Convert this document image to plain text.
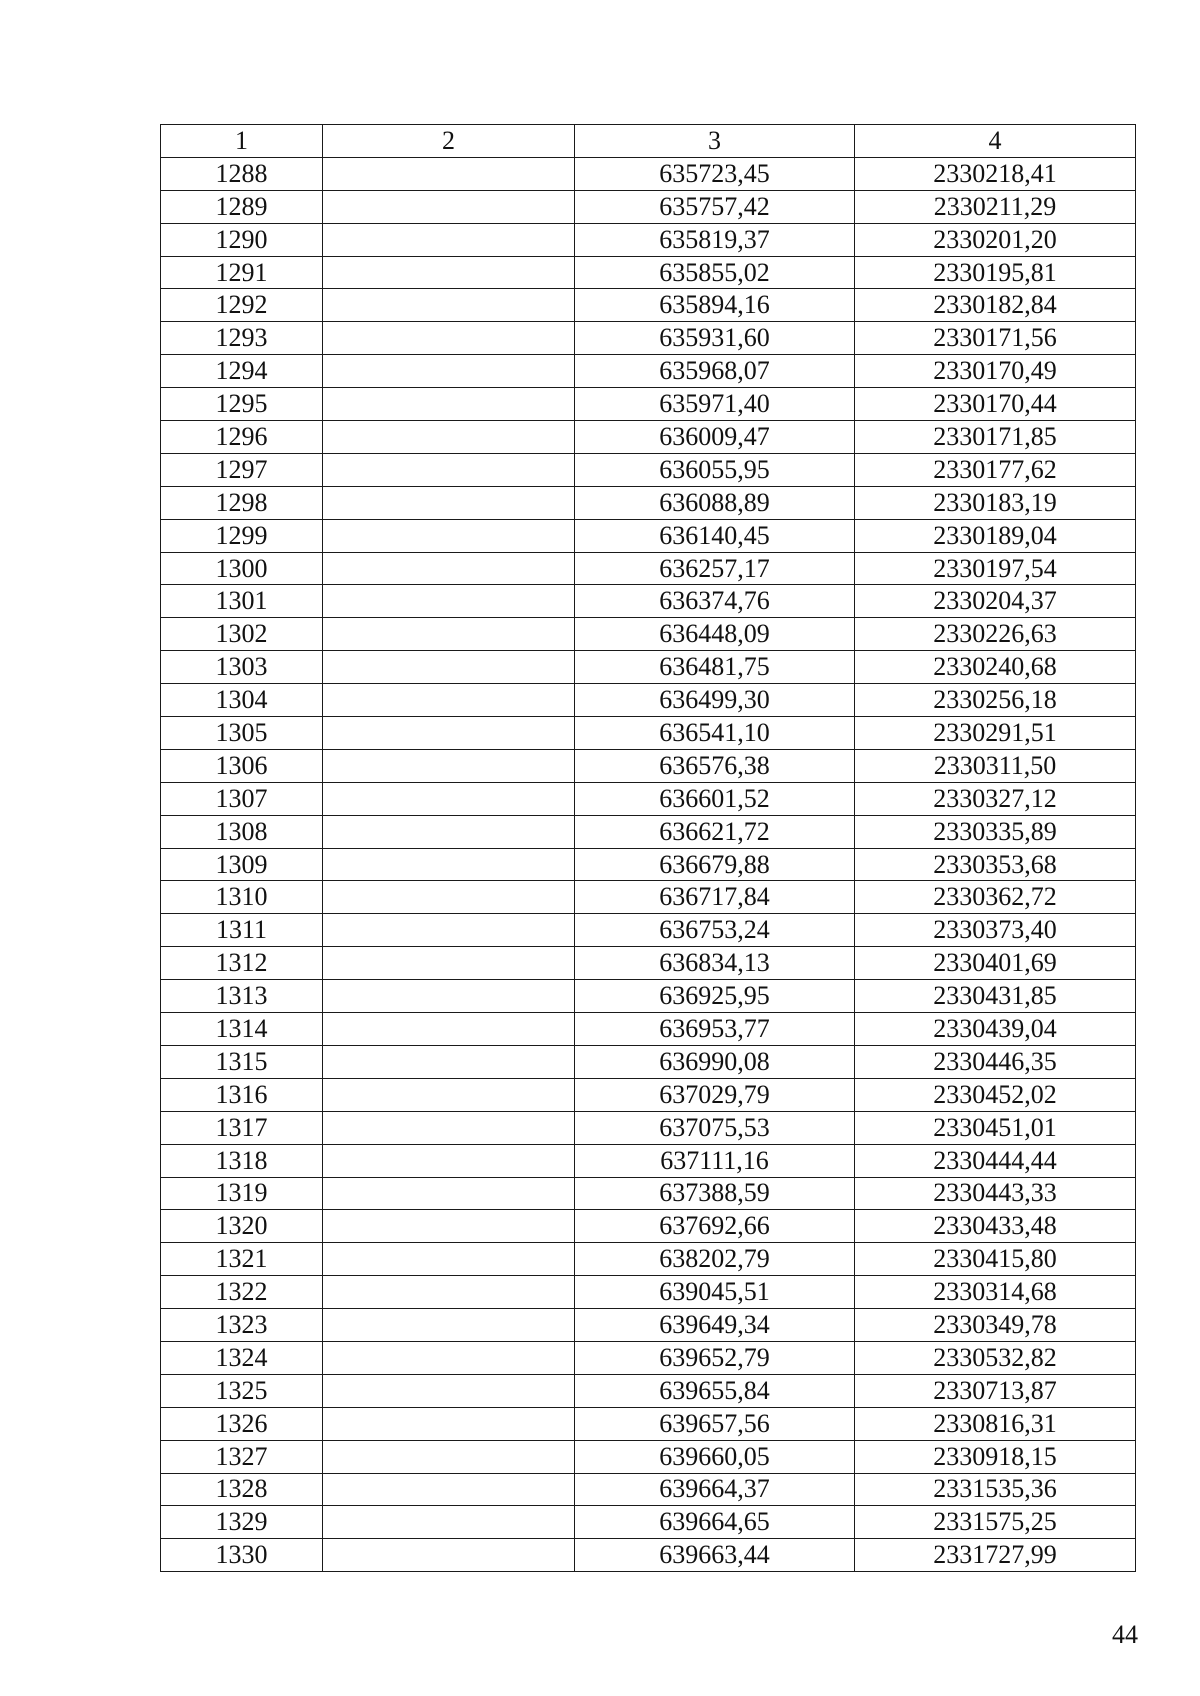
1	2	3	4
1288		635723,45	2330218,41
1289		635757,42	2330211,29
1290		635819,37	2330201,20
1291		635855,02	2330195,81
1292		635894,16	2330182,84
1293		635931,60	2330171,56
1294		635968,07	2330170,49
1295		635971,40	2330170,44
1296		636009,47	2330171,85
1297		636055,95	2330177,62
1298		636088,89	2330183,19
1299		636140,45	2330189,04
1300		636257,17	2330197,54
1301		636374,76	2330204,37
1302		636448,09	2330226,63
1303		636481,75	2330240,68
1304		636499,30	2330256,18
1305		636541,10	2330291,51
1306		636576,38	2330311,50
1307		636601,52	2330327,12
1308		636621,72	2330335,89
1309		636679,88	2330353,68
1310		636717,84	2330362,72
1311		636753,24	2330373,40
1312		636834,13	2330401,69
1313		636925,95	2330431,85
1314		636953,77	2330439,04
1315		636990,08	2330446,35
1316		637029,79	2330452,02
1317		637075,53	2330451,01
1318		637111,16	2330444,44
1319		637388,59	2330443,33
1320		637692,66	2330433,48
1321		638202,79	2330415,80
1322		639045,51	2330314,68
1323		639649,34	2330349,78
1324		639652,79	2330532,82
1325		639655,84	2330713,87
1326		639657,56	2330816,31
1327		639660,05	2330918,15
1328		639664,37	2331535,36
1329		639664,65	2331575,25
1330		639663,44	2331727,99
44
